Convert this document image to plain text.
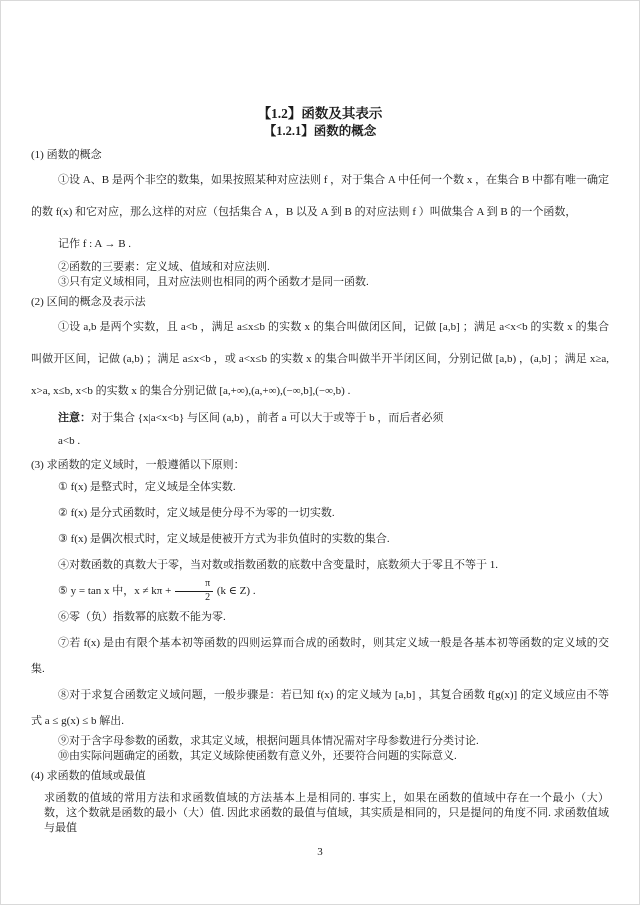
【1.2】函数及其表示
【1.2.1】函数的概念
(1) 函数的概念
①设 A、B 是两个非空的数集，如果按照某种对应法则 f ，对于集合 A 中任何一个数 x ，在集合 B 中都有唯一确定的数 f(x) 和它对应，那么这样的对应（包括集合 A ，B 以及 A 到 B 的对应法则 f ）叫做集合 A 到 B 的一个函数，
记作 f : A → B .
②函数的三要素：定义域、值域和对应法则.
③只有定义域相同，且对应法则也相同的两个函数才是同一函数.
(2) 区间的概念及表示法
①设 a,b 是两个实数，且 a<b ，满足 a≤x≤b 的实数 x 的集合叫做闭区间，记做 [a,b] ；满足 a<x<b 的实数 x 的集合叫做开区间，记做 (a,b) ；满足 a≤x<b ，或 a<x≤b 的实数 x 的集合叫做半开半闭区间，分别记做 [a,b) ，(a,b] ；满足 x≥a, x>a, x≤b, x<b 的实数 x 的集合分别记做 [a,+∞),(a,+∞),(−∞,b],(−∞,b) .
注意：对于集合 {x|a<x<b} 与区间 (a,b) ，前者 a 可以大于或等于 b ，而后者必须
a<b .
(3) 求函数的定义域时，一般遵循以下原则：
① f(x) 是整式时，定义域是全体实数.
② f(x) 是分式函数时，定义域是使分母不为零的一切实数.
③ f(x) 是偶次根式时，定义域是使被开方式为非负值时的实数的集合.
④对数函数的真数大于零，当对数或指数函数的底数中含变量时，底数须大于零且不等于 1.
⑤ y = tan x 中，$x \ne k\pi + \frac{\pi}{2} (k$ ∈ Z) .
⑥零（负）指数幂的底数不能为零.
⑦若 f(x) 是由有限个基本初等函数的四则运算而合成的函数时，则其定义域一般是各基本初等函数的定义域的交集.
⑧对于求复合函数定义域问题，一般步骤是：若已知 f(x) 的定义域为 [a,b] ，其复合函数 f[g(x)] 的定义域应由不等式 a ≤ g(x) ≤ b 解出.
⑨对于含字母参数的函数，求其定义域，根据问题具体情况需对字母参数进行分类讨论.
⑩由实际问题确定的函数，其定义域除使函数有意义外，还要符合问题的实际意义.
(4) 求函数的值域或最值
求函数的值域的常用方法和求函数值域的方法基本上是相同的. 事实上，如果在函数的值域中存在一个最小（大）数，这个数就是函数的最小（大）值. 因此求函数的最值与值域，其实质是相同的，只是提问的角度不同. 求函数值域与最值
3
